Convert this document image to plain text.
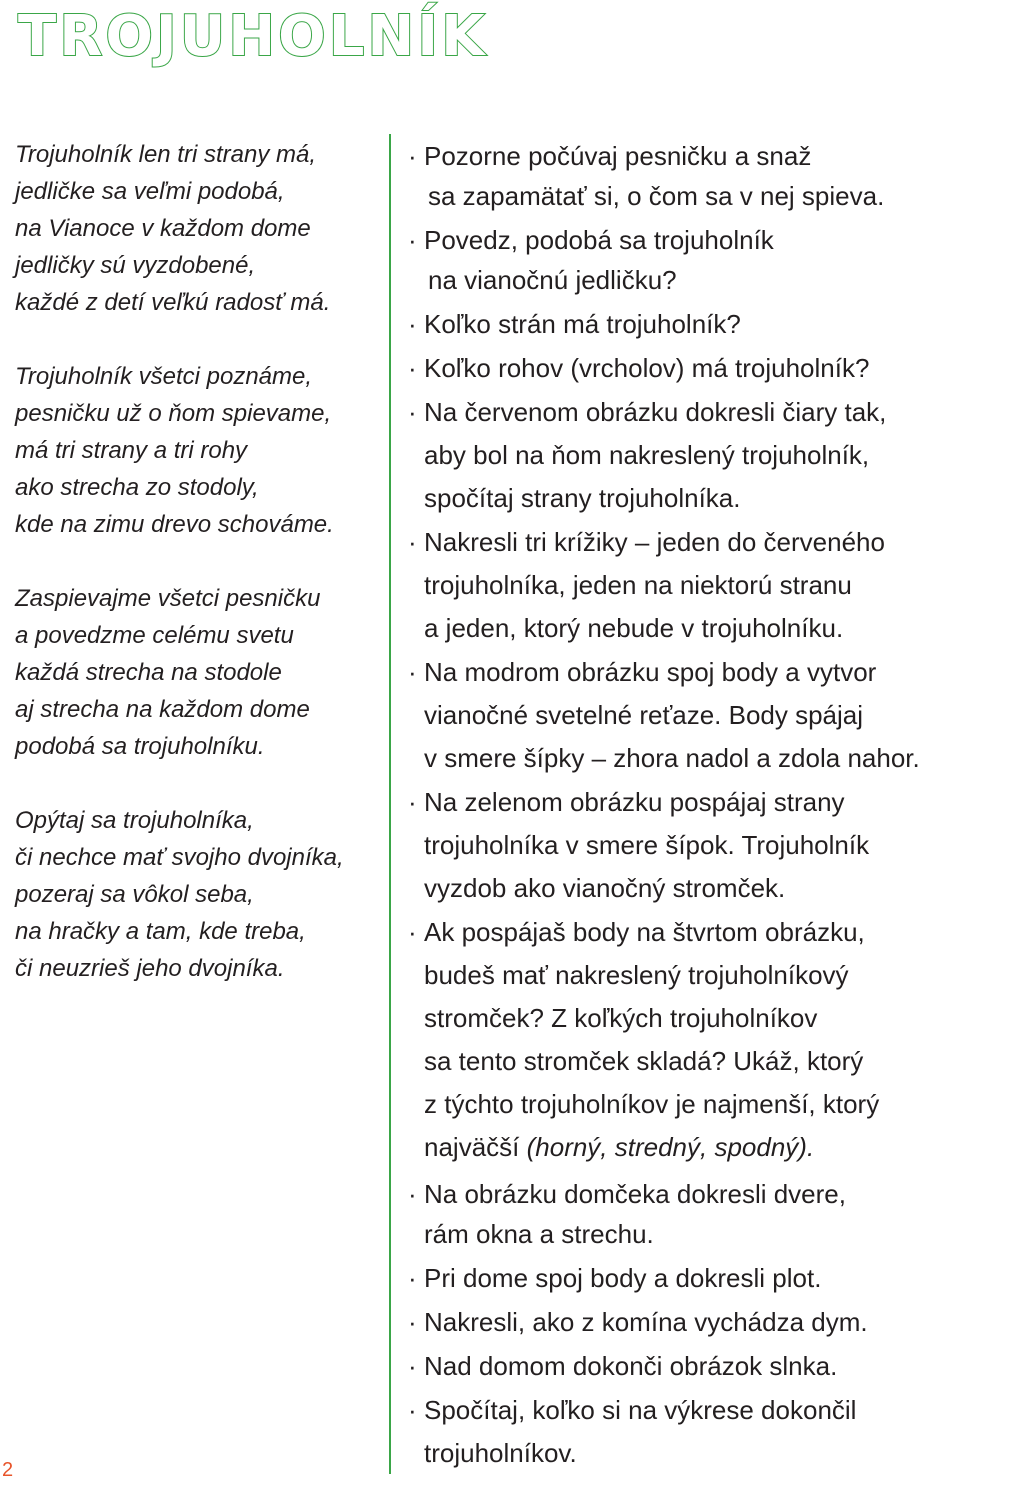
TROJUHOLNÍK

Trojuholník len tri strany má,
jedličke sa veľmi podobá,
na Vianoce v každom dome
jedličky sú vyzdobené,
každé z detí veľkú radosť má.

Trojuholník všetci poznáme,
pesničku už o ňom spievame,
má tri strany a tri rohy
ako strecha zo stodoly,
kde na zimu drevo schováme.

Zaspievajme všetci pesničku
a povedzme celému svetu
každá strecha na stodole
aj strecha na každom dome
podobá sa trojuholníku.

Opýtaj sa trojuholníka,
či nechce mať svojho dvojníka,
pozeraj sa vôkol seba,
na hračky a tam, kde treba,
či neuzrieš jeho dvojníka.

· Pozorne počúvaj pesničku a snaž
sa zapamätať si, o čom sa v nej spieva.
· Povedz, podobá sa trojuholník
na vianočnú jedličku?
· Koľko strán má trojuholník?
· Koľko rohov (vrcholov) má trojuholník?
· Na červenom obrázku dokresli čiary tak,
aby bol na ňom nakreslený trojuholník,
spočítaj strany trojuholníka.
· Nakresli tri krížiky – jeden do červeného
trojuholníka, jeden na niektorú stranu
a jeden, ktorý nebude v trojuholníku.
· Na modrom obrázku spoj body a vytvor
vianočné svetelné reťaze. Body spájaj
v smere šípky – zhora nadol a zdola nahor.
· Na zelenom obrázku pospájaj strany
trojuholníka v smere šípok. Trojuholník
vyzdob ako vianočný stromček.
· Ak pospájaš body na štvrtom obrázku,
budeš mať nakreslený trojuholníkový
stromček? Z koľkých trojuholníkov
sa tento stromček skladá? Ukáž, ktorý
z týchto trojuholníkov je najmenší, ktorý
najväčší (horný, stredný, spodný).
· Na obrázku domčeka dokresli dvere,
rám okna a strechu.
· Pri dome spoj body a dokresli plot.
· Nakresli, ako z komína vychádza dym.
· Nad domom dokonči obrázok slnka.
· Spočítaj, koľko si na výkrese dokončil
trojuholníkov.
2
